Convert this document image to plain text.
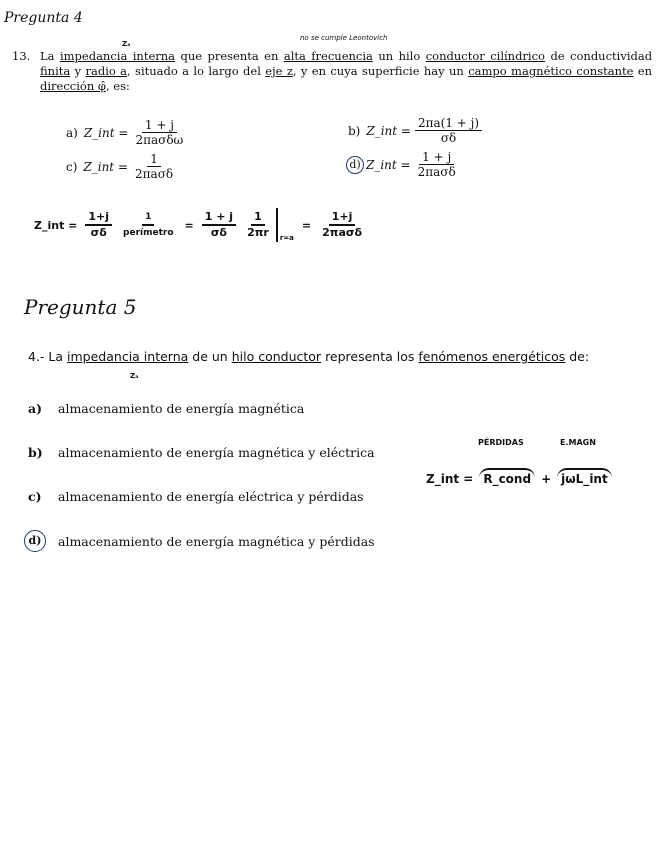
Pregunta 4
no se cumple Leontovich
Zₐ
13. La impedancia interna que presenta en alta frecuencia un hilo conductor cilíndrico de conductividad finita y radio a, situado a lo largo del eje z, y en cuya superficie hay un campo magnético constante en dirección φ̂, es:
a) Z_int = $\frac{1 + j}{\text{2πaσδω}}$	b) Z_int = $\frac{2\pi a(1 + j)}{\sigma\delta}$
c) Z_int = $\frac{1}{\text{2πaσδ}}$	d) Z_int = $\frac{1 + j}{\text{2πaσδ}}$
Z_int = $\frac{1+j}{\sigma\delta}$	1
perímetro
= $\frac{1 + j}{\sigma\delta} \frac{1}{2\pi r} r=a$
=
1+j
2πaσδ
Pregunta 5
4.- La impedancia interna de un hilo conductor representa los fenómenos energéticos de:
Zₐ
a)	almacenamiento de energía magnética
b)	almacenamiento de energía magnética y eléctrica
c)	almacenamiento de energía eléctrica y pérdidas
d)	almacenamiento de energía magnética y pérdidas
PÉRDIDAS	E.MAGN
Z_int = R_cond + jωL_int
